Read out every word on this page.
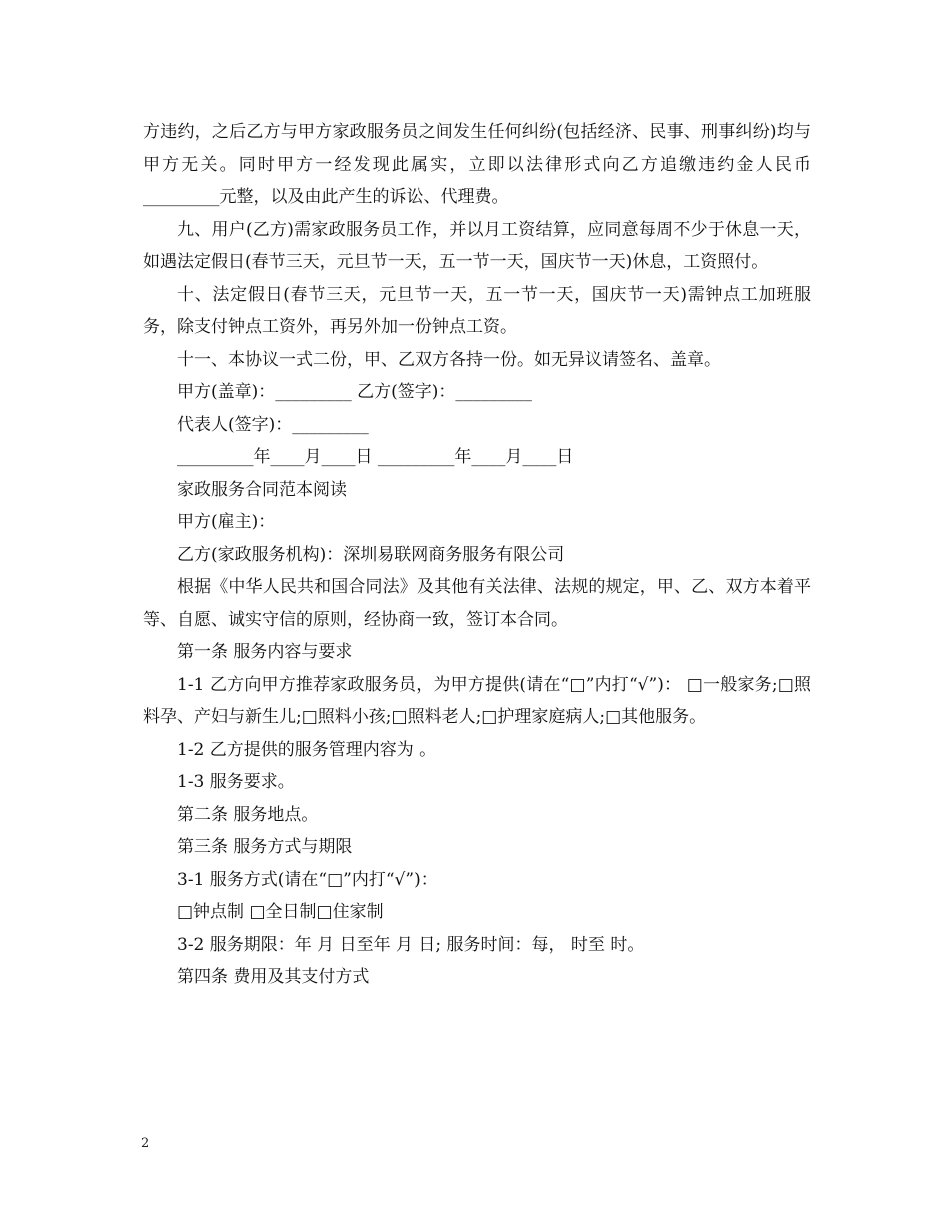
方违约，之后乙方与甲方家政服务员之间发生任何纠纷(包括经济、民事、刑事纠纷)均与甲方无关。同时甲方一经发现此属实，立即以法律形式向乙方追缴违约金人民币_________元整，以及由此产生的诉讼、代理费。

九、用户(乙方)需家政服务员工作，并以月工资结算，应同意每周不少于休息一天，如遇法定假日(春节三天，元旦节一天，五一节一天，国庆节一天)休息，工资照付。

十、法定假日(春节三天，元旦节一天，五一节一天，国庆节一天)需钟点工加班服务，除支付钟点工资外，再另外加一份钟点工资。

十一、本协议一式二份，甲、乙双方各持一份。如无异议请签名、盖章。

甲方(盖章)：_________ 乙方(签字)：_________

代表人(签字)：_________

_________年____月____日 _________年____月____日

家政服务合同范本阅读

甲方(雇主)：

乙方(家政服务机构)：深圳易联网商务服务有限公司

根据《中华人民共和国合同法》及其他有关法律、法规的规定，甲、乙、双方本着平等、自愿、诚实守信的原则，经协商一致，签订本合同。

第一条 服务内容与要求

1-1 乙方向甲方推荐家政服务员，为甲方提供(请在“□”内打“√”)： □一般家务;□照料孕、产妇与新生儿;□照料小孩;□照料老人;□护理家庭病人;□其他服务。

1-2 乙方提供的服务管理内容为 。

1-3 服务要求。

第二条 服务地点。

第三条 服务方式与期限

3-1 服务方式(请在“□”内打“√”)：

□钟点制 □全日制□住家制

3-2 服务期限：年 月 日至年 月 日; 服务时间：每， 时至 时。

第四条 费用及其支付方式

2
